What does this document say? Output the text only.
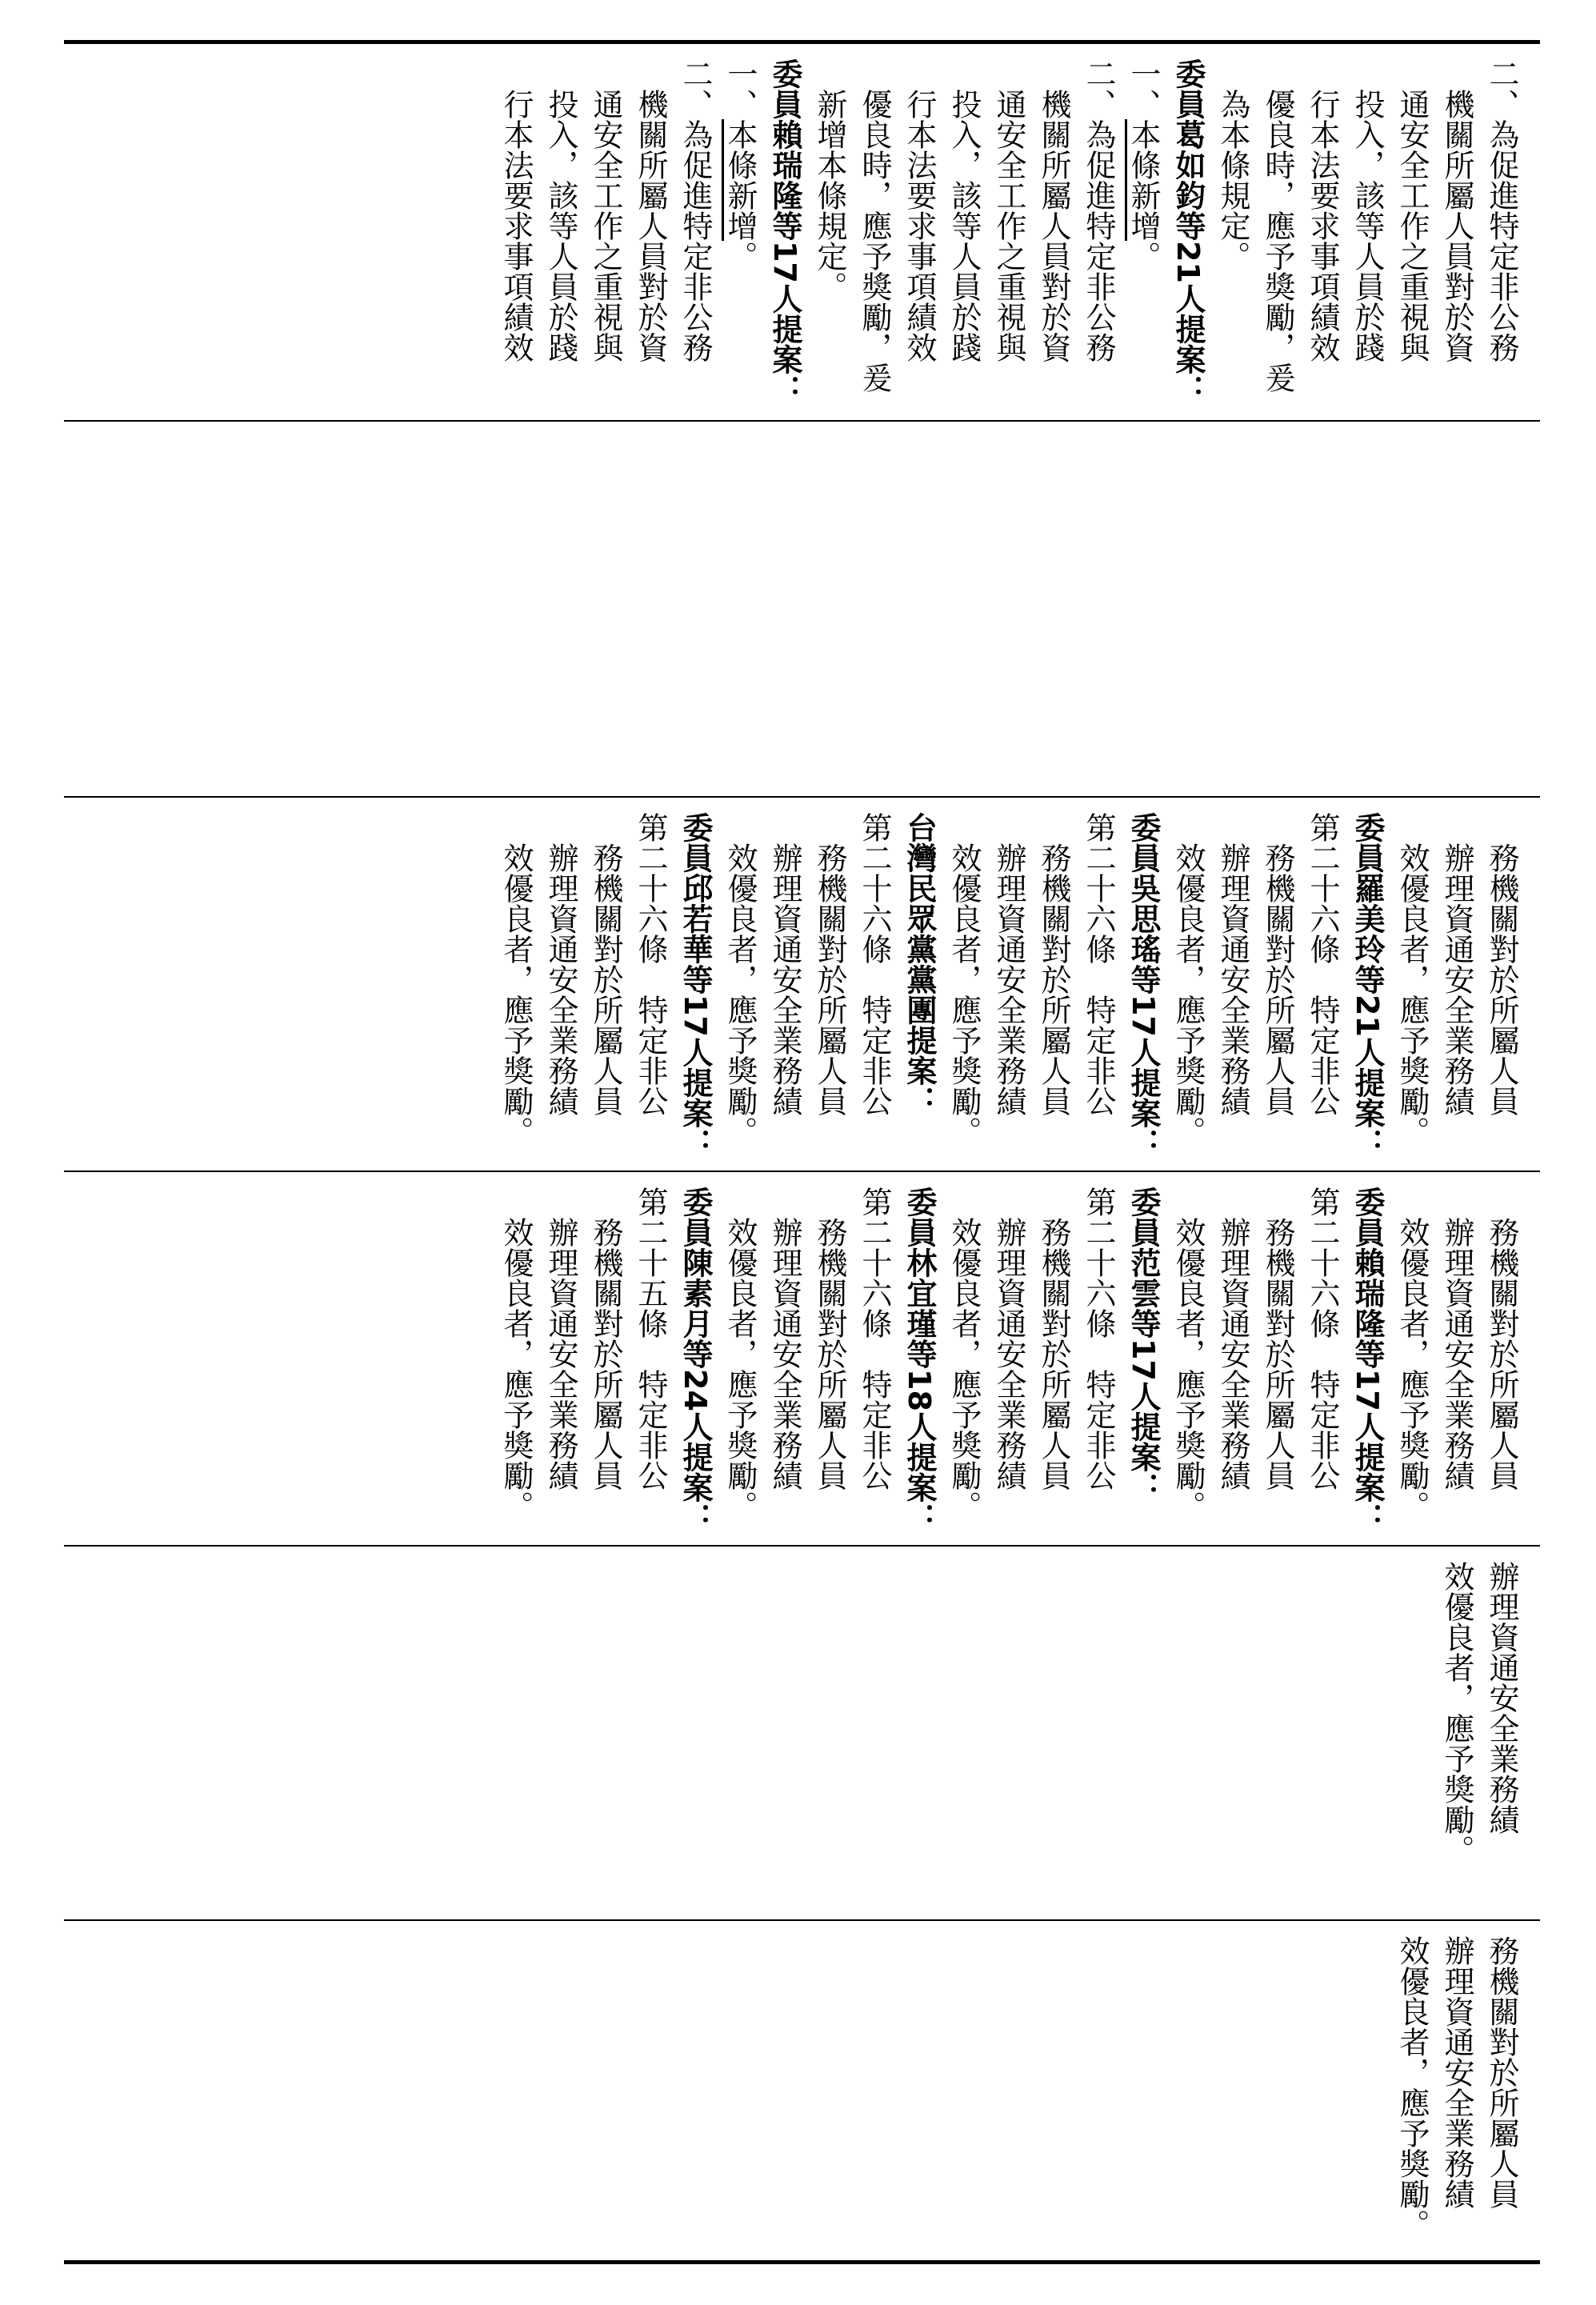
二、為促進特定非公務
機關所屬人員對於資
通安全工作之重視與
投入，該等人員於踐
行本法要求事項績效
優良時，應予獎勵，爰
為本條規定。
委員葛如鈞等21人提案：
一、本條新增。
二、為促進特定非公務
機關所屬人員對於資
通安全工作之重視與
投入，該等人員於踐
行本法要求事項績效
優良時，應予獎勵，爰
新增本條規定。
委員賴瑞隆等17人提案：
一、本條新增。
二、為促進特定非公務
機關所屬人員對於資
通安全工作之重視與
投入，該等人員於踐
行本法要求事項績效
務機關對於所屬人員
辦理資通安全業務績
效優良者，應予獎勵。
委員羅美玲等21人提案：
第二十六條　特定非公
務機關對於所屬人員
辦理資通安全業務績
效優良者，應予獎勵。
委員吳思瑤等17人提案：
第二十六條　特定非公
務機關對於所屬人員
辦理資通安全業務績
效優良者，應予獎勵。
台灣民眾黨黨團提案：
第二十六條　特定非公
務機關對於所屬人員
辦理資通安全業務績
效優良者，應予獎勵。
委員邱若華等17人提案：
第二十六條　特定非公
務機關對於所屬人員
辦理資通安全業務績
效優良者，應予獎勵。
務機關對於所屬人員
辦理資通安全業務績
效優良者，應予獎勵。
委員賴瑞隆等17人提案：
第二十六條　特定非公
務機關對於所屬人員
辦理資通安全業務績
效優良者，應予獎勵。
委員范雲等17人提案：
第二十六條　特定非公
務機關對於所屬人員
辦理資通安全業務績
效優良者，應予獎勵。
委員林宜瑾等18人提案：
第二十六條　特定非公
務機關對於所屬人員
辦理資通安全業務績
效優良者，應予獎勵。
委員陳素月等24人提案：
第二十五條　特定非公
務機關對於所屬人員
辦理資通安全業務績
效優良者，應予獎勵。
辦理資通安全業務績
效優良者，應予獎勵。
務機關對於所屬人員
辦理資通安全業務績
效優良者，應予獎勵。
